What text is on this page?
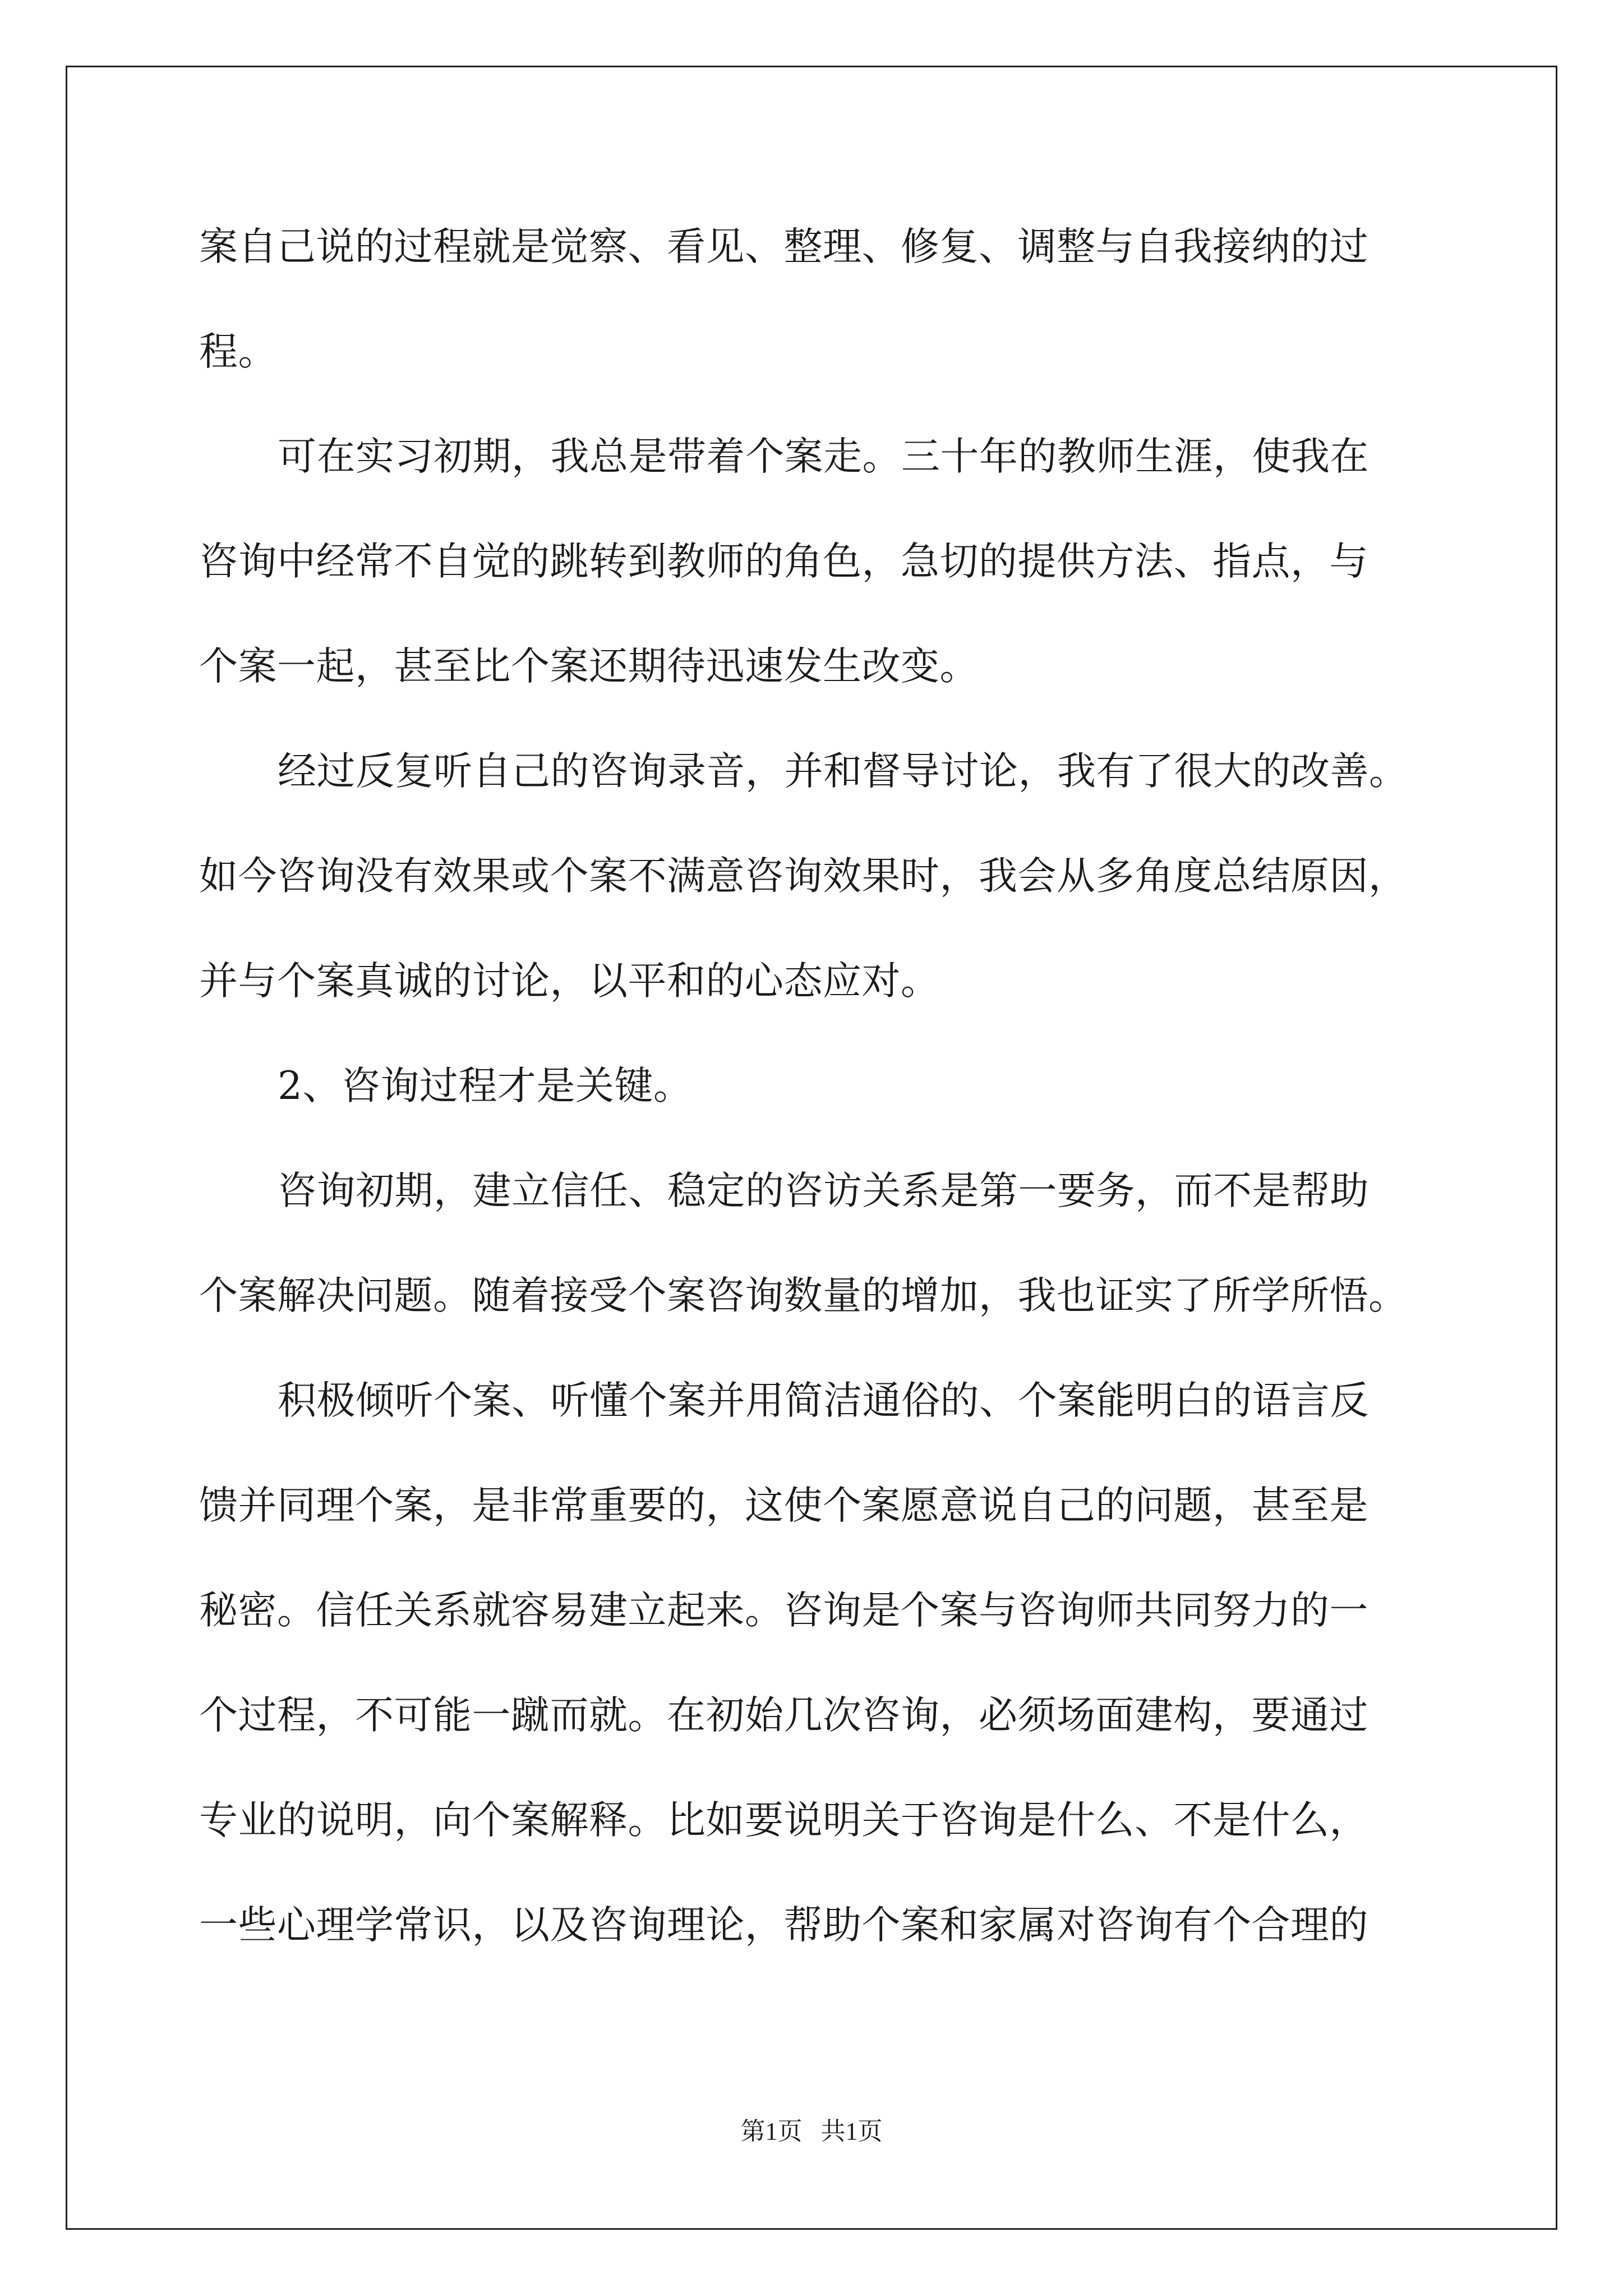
案自己说的过程就是觉察、看见、整理、修复、调整与自我接纳的过
程。
可在实习初期，我总是带着个案走。三十年的教师生涯，使我在
咨询中经常不自觉的跳转到教师的角色，急切的提供方法、指点，与
个案一起，甚至比个案还期待迅速发生改变。
经过反复听自己的咨询录音，并和督导讨论，我有了很大的改善。
如今咨询没有效果或个案不满意咨询效果时，我会从多角度总结原因，
并与个案真诚的讨论，以平和的心态应对。
2、咨询过程才是关键。
咨询初期，建立信任、稳定的咨访关系是第一要务，而不是帮助
个案解决问题。随着接受个案咨询数量的增加，我也证实了所学所悟。
积极倾听个案、听懂个案并用简洁通俗的、个案能明白的语言反
馈并同理个案，是非常重要的，这使个案愿意说自己的问题，甚至是
秘密。信任关系就容易建立起来。咨询是个案与咨询师共同努力的一
个过程，不可能一蹴而就。在初始几次咨询，必须场面建构，要通过
专业的说明，向个案解释。比如要说明关于咨询是什么、不是什么，
一些心理学常识，以及咨询理论，帮助个案和家属对咨询有个合理的
第1页   共1页
